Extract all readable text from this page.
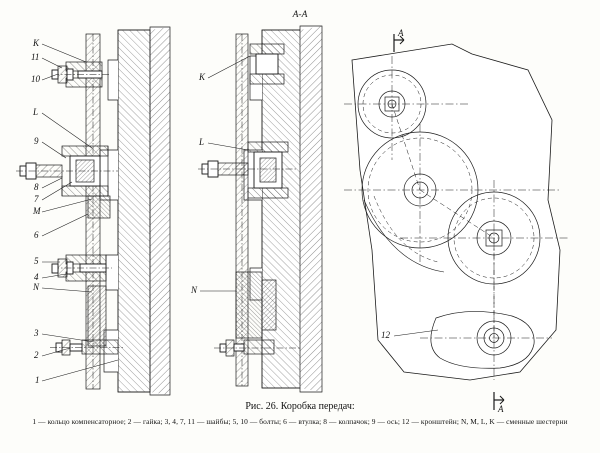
A-A
A
A
K
11
10
L
9
8
7
M
6
5
4
N
3
2
1
K
L
N
12
Рис. 26. Коробка передач:
1 — кольцо компенсаторное; 2 — гайка; 3, 4, 7, 11 — шайбы; 5, 10 — болты; 6 — втулка; 8 — колпачок; 9 — ось; 12 — кронштейн; N, M, L, K — сменные шестерни
